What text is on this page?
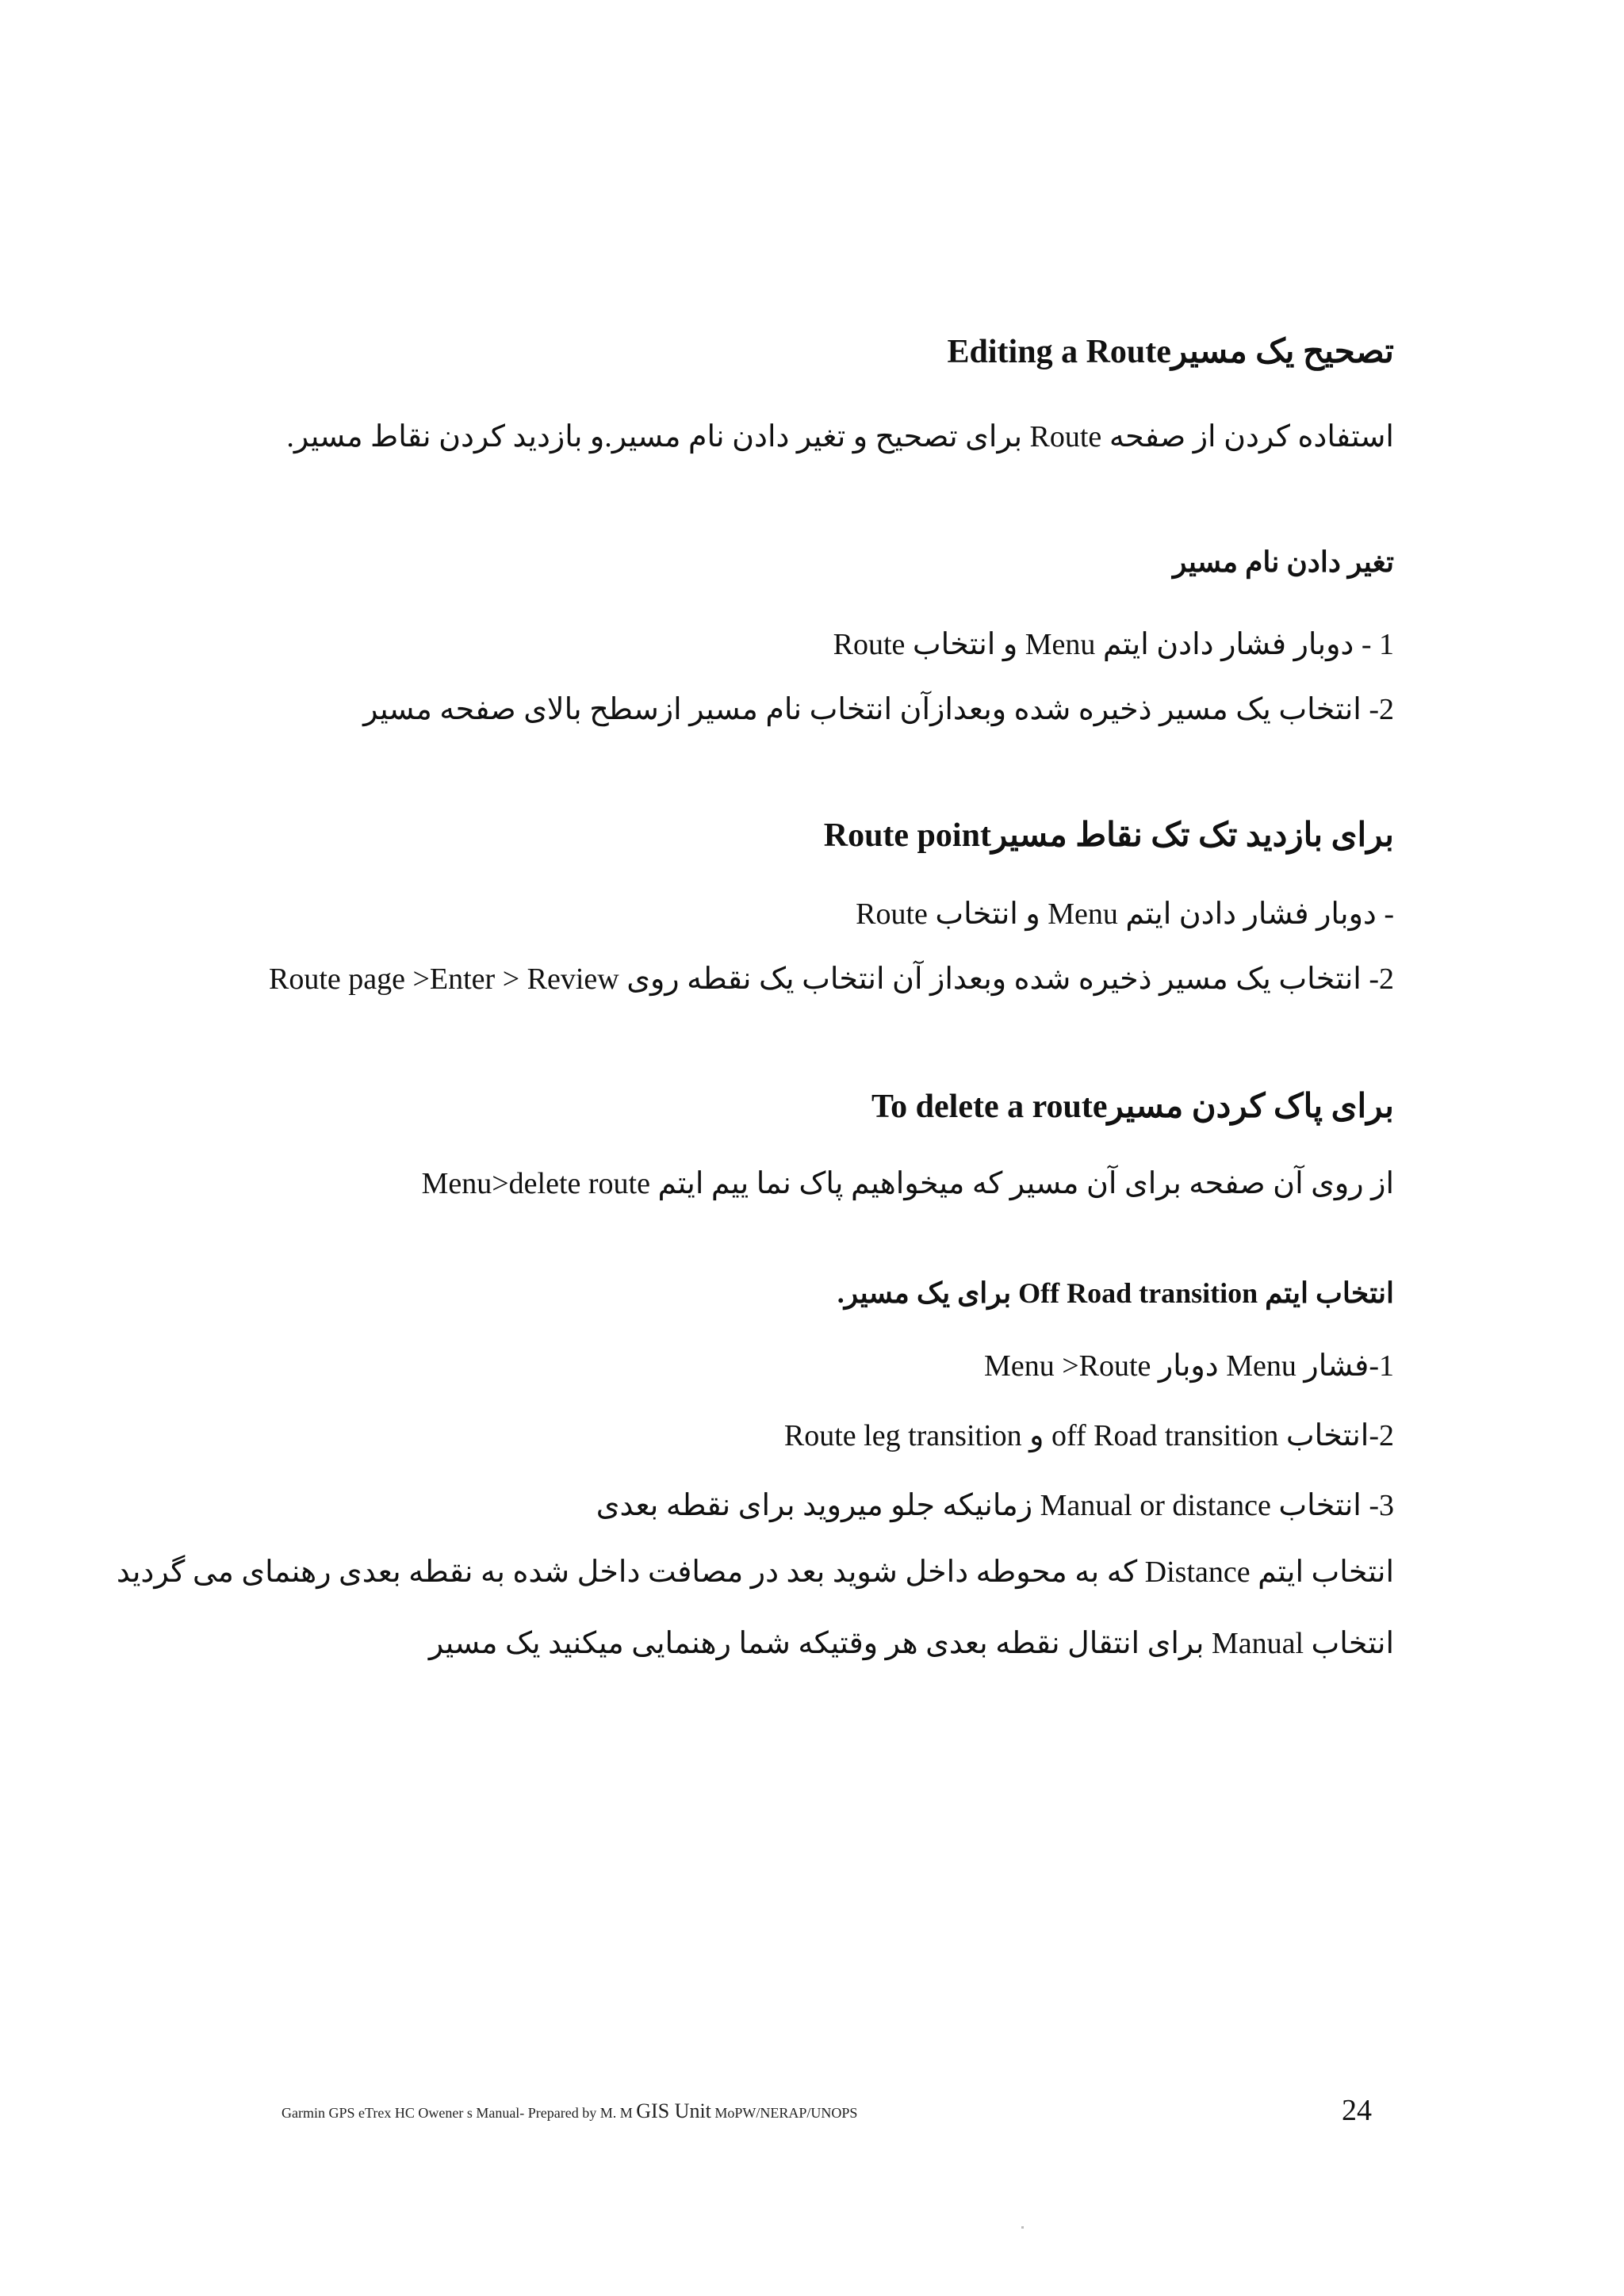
تصحیح یک مسیرEditing a Route
استفاده کردن از صفحه Route برای تصحیح و تغیر دادن نام مسیر.و بازدید کردن نقاط مسیر.
تغیر دادن نام مسیر
1 - دوبار فشار دادن ایتم Menu و انتخاب Route
2- انتخاب یک مسیر ذخیره شده وبعدازآن انتخاب نام مسیر ازسطح بالای صفحه مسیر
برای بازدید تک تک نقاط مسیرRoute point
- دوبار فشار دادن ایتم Menu و انتخاب Route
2- انتخاب یک مسیر ذخیره شده وبعداز آن انتخاب یک نقطه روی Route page >Enter > Review
برای پاک کردن مسیرTo delete a route
از روی آن صفحه برای آن مسیر که میخواهیم پاک نما ییم ایتم Menu>delete route
انتخاب ایتم Off Road transition برای یک مسیر.
1-فشار Menu دوبار Menu >Route
2-انتخاب off Road transition و Route leg transition
3- انتخاب Manual or distance زمانیکه جلو میروید برای نقطه بعدی
انتخاب ایتم Distance که به محوطه داخل شوید بعد در مصافت داخل شده به نقطه بعدی رهنمای می گردید
انتخاب Manual برای انتقال نقطه بعدی هر وقتیکه شما رهنمایی میکنید یک مسیر
Garmin GPS eTrex HC Owener s Manual- Prepared by M. M GIS Unit MoPW/NERAP/UNOPS	24
